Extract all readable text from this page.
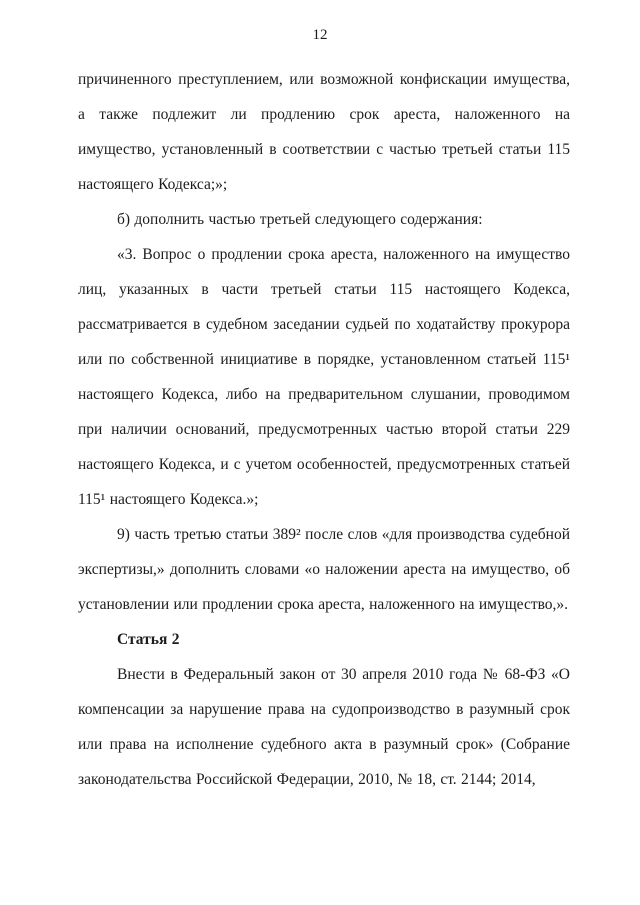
12

причиненного преступлением, или возможной конфискации имущества, а также подлежит ли продлению срок ареста, наложенного на имущество, установленный в соответствии с частью третьей статьи 115 настоящего Кодекса;»;

б) дополнить частью третьей следующего содержания:

«3. Вопрос о продлении срока ареста, наложенного на имущество лиц, указанных в части третьей статьи 115 настоящего Кодекса, рассматривается в судебном заседании судьей по ходатайству прокурора или по собственной инициативе в порядке, установленном статьей 115¹ настоящего Кодекса, либо на предварительном слушании, проводимом при наличии оснований, предусмотренных частью второй статьи 229 настоящего Кодекса, и с учетом особенностей, предусмотренных статьей 115¹ настоящего Кодекса.»;

9) часть третью статьи 389² после слов «для производства судебной экспертизы,» дополнить словами «о наложении ареста на имущество, об установлении или продлении срока ареста, наложенного на имущество,».

Статья 2

Внести в Федеральный закон от 30 апреля 2010 года № 68-ФЗ «О компенсации за нарушение права на судопроизводство в разумный срок или права на исполнение судебного акта в разумный срок» (Собрание законодательства Российской Федерации, 2010, № 18, ст. 2144; 2014,
